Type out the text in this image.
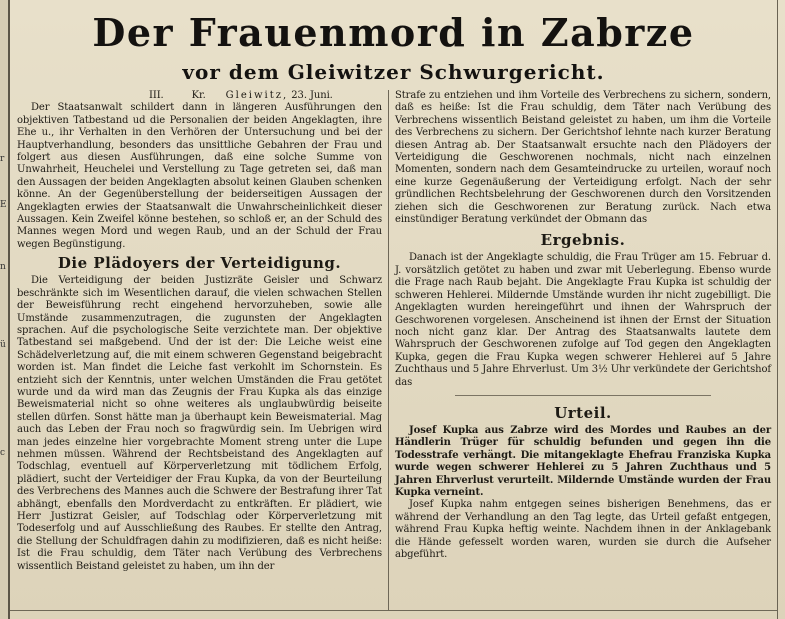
r
E
n
ü
c
Der Frauenmord in Zabrze
vor dem Gleiwitzer Schwurgericht.
III.	Kr. Gleiwitz, 23. Juni.

Der Staatsanwalt schildert dann in längeren Ausführungen den objektiven Tatbestand ud die Personalien der beiden Angeklagten, ihre Ehe u., ihr Verhalten in den Verhören der Untersuchung und bei der Hauptverhandlung, besonders das unsittliche Gebahren der Frau und folgert aus diesen Ausführungen, daß eine solche Summe von Unwahrheit, Heuchelei und Verstellung zu Tage getreten sei, daß man den Aussagen der beiden Angeklagten absolut keinen Glauben schenken könne. An der Gegenüberstellung der beiderseitigen Aussagen der Angeklagten erwies der Staatsanwalt die Unwahrscheinlichkeit dieser Aussagen. Kein Zweifel könne bestehen, so schloß er, an der Schuld des Mannes wegen Mord und wegen Raub, und an der Schuld der Frau wegen Begünstigung.

Die Plädoyers der Verteidigung.

Die Verteidigung der beiden Justizräte Geisler und Schwarz beschränkte sich im Wesentlichen darauf, die vielen schwachen Stellen der Beweisführung recht eingehend hervorzuheben, sowie alle Umstände zusammenzutragen, die zugunsten der Angeklagten sprachen. Auf die psychologische Seite verzichtete man. Der objektive Tatbestand sei maßgebend. Und der ist der: Die Leiche weist eine Schädelverletzung auf, die mit einem schweren Gegenstand beigebracht worden ist. Man findet die Leiche fast verkohlt im Schornstein. Es entzieht sich der Kenntnis, unter welchen Umständen die Frau getötet wurde und da wird man das Zeugnis der Frau Kupka als das einzige Beweismaterial nicht so ohne weiteres als unglaubwürdig beiseite stellen dürfen. Sonst hätte man ja überhaupt kein Beweismaterial. Mag auch das Leben der Frau noch so fragwürdig sein. Im Uebrigen wird man jedes einzelne hier vorgebrachte Moment streng unter die Lupe nehmen müssen. Während der Rechtsbeistand des Angeklagten auf Todschlag, eventuell auf Körperverletzung mit tödlichem Erfolg, plädiert, sucht der Verteidiger der Frau Kupka, da von der Beurteilung des Verbrechens des Mannes auch die Schwere der Bestrafung ihrer Tat abhängt, ebenfalls den Mordverdacht zu entkräften. Er plädiert, wie Herr Justizrat Geisler, auf Todschlag oder Körperverletzung mit Todeserfolg und auf Ausschließung des Raubes. Er stellte den Antrag, die Stellung der Schuldfragen dahin zu modifizieren, daß es nicht heiße: Ist die Frau schuldig, dem Täter nach Verübung des Verbrechens wissentlich Beistand geleistet zu haben, um ihn der

Strafe zu entziehen und ihm Vorteile des Verbrechens zu sichern, sondern, daß es heiße: Ist die Frau schuldig, dem Täter nach Verübung des Verbrechens wissentlich Beistand geleistet zu haben, um ihm die Vorteile des Verbrechens zu sichern. Der Gerichtshof lehnte nach kurzer Beratung diesen Antrag ab. Der Staatsanwalt ersuchte nach den Plädoyers der Verteidigung die Geschworenen nochmals, nicht nach einzelnen Momenten, sondern nach dem Gesamteindrucke zu urteilen, worauf noch eine kurze Gegenäußerung der Verteidigung erfolgt. Nach der sehr gründlichen Rechtsbelehrung der Geschworenen durch den Vorsitzenden ziehen sich die Geschworenen zur Beratung zurück. Nach etwa einstündiger Beratung verkündet der Obmann das

Ergebnis.

Danach ist der Angeklagte schuldig, die Frau Trüger am 15. Februar d. J. vorsätzlich getötet zu haben und zwar mit Ueberlegung. Ebenso wurde die Frage nach Raub bejaht. Die Angeklagte Frau Kupka ist schuldig der schweren Hehlerei. Mildernde Umstände wurden ihr nicht zugebilligt. Die Angeklagten wurden hereingeführt und ihnen der Wahrspruch der Geschworenen vorgelesen. Anscheinend ist ihnen der Ernst der Situation noch nicht ganz klar. Der Antrag des Staatsanwalts lautete dem Wahrspruch der Geschworenen zufolge auf Tod gegen den Angeklagten Kupka, gegen die Frau Kupka wegen schwerer Hehlerei auf 5 Jahre Zuchthaus und 5 Jahre Ehrverlust. Um 3½ Uhr verkündete der Gerichtshof das

Urteil.

Josef Kupka aus Zabrze wird des Mordes und Raubes an der Händlerin Trüger für schuldig befunden und gegen ihn die Todesstrafe verhängt. Die mitangeklagte Ehefrau Franziska Kupka wurde wegen schwerer Hehlerei zu 5 Jahren Zuchthaus und 5 Jahren Ehrverlust verurteilt. Mildernde Umstände wurden der Frau Kupka verneint.

Josef Kupka nahm entgegen seines bisherigen Benehmens, das er während der Verhandlung an den Tag legte, das Urteil gefaßt entgegen, während Frau Kupka heftig weinte. Nachdem ihnen in der Anklagebank die Hände gefesselt worden waren, wurden sie durch die Aufseher abgeführt.
